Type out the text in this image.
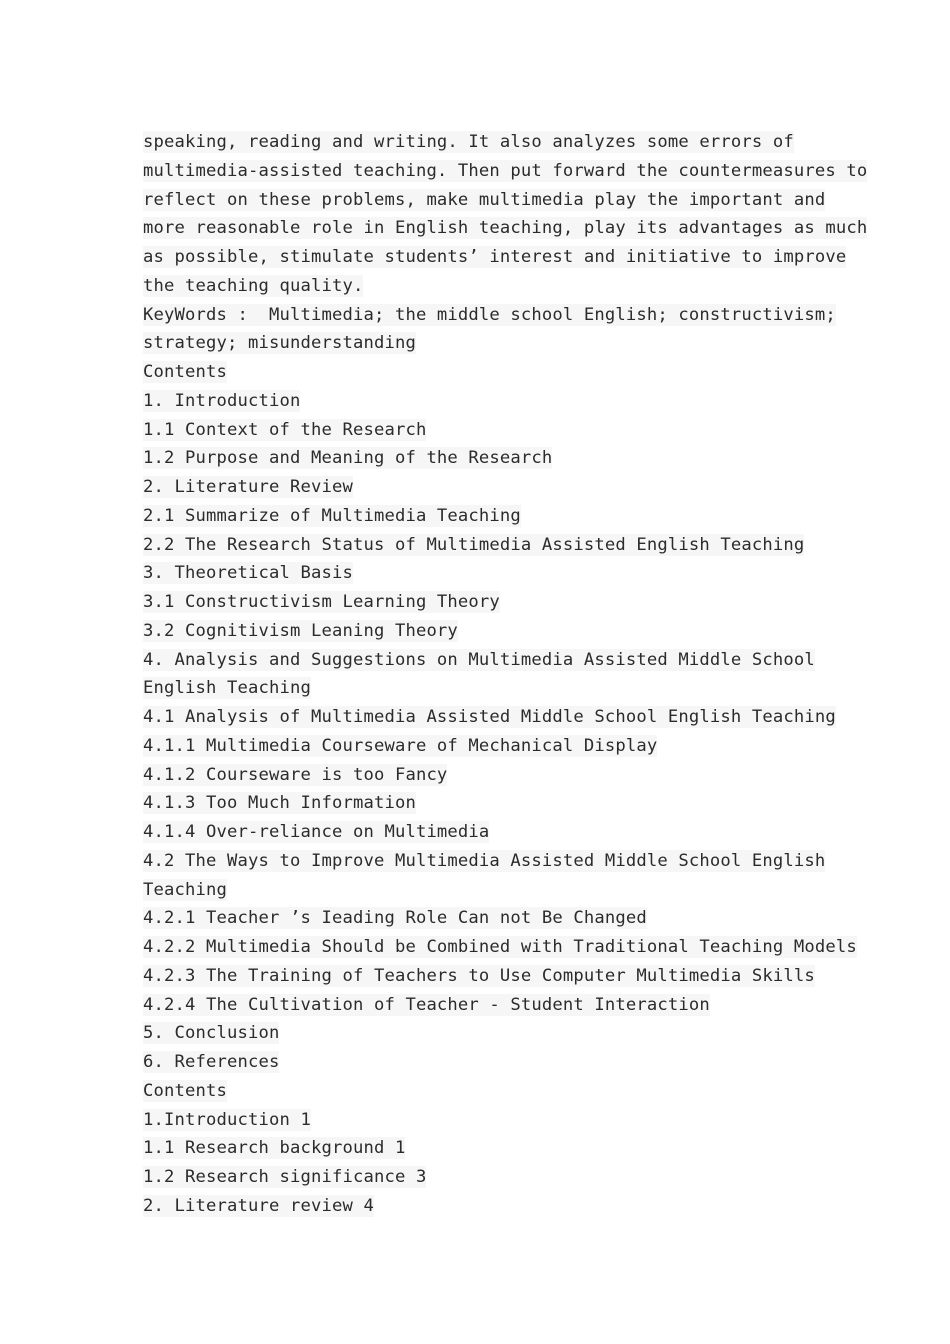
speaking, reading and writing. It also analyzes some errors of
multimedia-assisted teaching. Then put forward the countermeasures to
reflect on these problems, make multimedia play the important and
more reasonable role in English teaching, play its advantages as much
as possible, stimulate students’ interest and initiative to improve
the teaching quality.
KeyWords :  Multimedia; the middle school English; constructivism;
strategy; misunderstanding
Contents
1. Introduction
1.1 Context of the Research
1.2 Purpose and Meaning of the Research
2. Literature Review
2.1 Summarize of Multimedia Teaching
2.2 The Research Status of Multimedia Assisted English Teaching
3. Theoretical Basis
3.1 Constructivism Learning Theory
3.2 Cognitivism Leaning Theory
4. Analysis and Suggestions on Multimedia Assisted Middle School
English Teaching
4.1 Analysis of Multimedia Assisted Middle School English Teaching
4.1.1 Multimedia Courseware of Mechanical Display
4.1.2 Courseware is too Fancy
4.1.3 Too Much Information
4.1.4 Over-reliance on Multimedia
4.2 The Ways to Improve Multimedia Assisted Middle School English
Teaching
4.2.1 Teacher ’s Ieading Role Can not Be Changed
4.2.2 Multimedia Should be Combined with Traditional Teaching Models
4.2.3 The Training of Teachers to Use Computer Multimedia Skills
4.2.4 The Cultivation of Teacher - Student Interaction
5. Conclusion
6. References
Contents
1.Introduction 1
1.1 Research background 1
1.2 Research significance 3
2. Literature review 4
